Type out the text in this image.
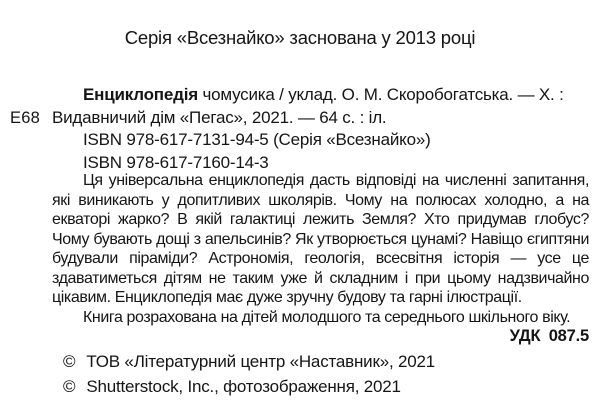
Серія «Всезнайко» заснована у 2013 році
Е68
Енциклопедія чомусика / уклад. О. М. Скоробогатська. — Х. :
Видавничий дім «Пегас», 2021. — 64 с. : іл.
ISBN 978-617-7131-94-5 (Серія «Всезнайко»)
ISBN 978-617-7160-14-3

Ця універсальна енциклопедія дасть відповіді на численні запитання, які виникають у допитливих школярів. Чому на полюсах холодно, а на екваторі жарко? В якій галактиці лежить Земля? Хто придумав глобус? Чому бувають дощі з апельсинів? Як утворюється цунамі? Навіщо єгиптяни будували піраміди? Астрономія, геологія, всесвітня історія — усе це здаватиметься дітям не таким уже й складним і при цьому надзвичайно цікавим. Енциклопедія має дуже зручну будову та гарні ілюстрації.

Книга розрахована на дітей молодшого та середнього шкільного віку.

УДК 087.5

© ТОВ «Літературний центр «Наставник», 2021
© Shutterstock, Inc., фотозображення, 2021
